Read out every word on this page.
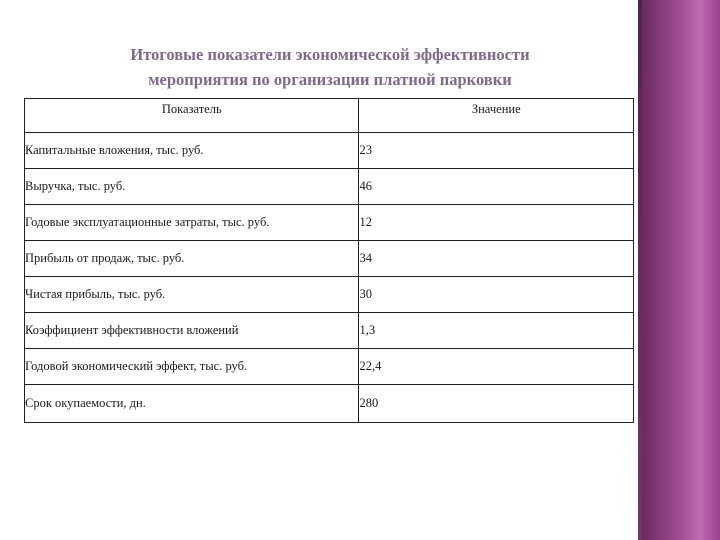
Итоговые показатели экономической эффективности
мероприятия по организации платной парковки
Показатель	Значение
Капитальные вложения, тыс. руб.	23
Выручка, тыс. руб.	46
Годовые эксплуатационные затраты, тыс. руб.	12
Прибыль от продаж, тыс. руб.	34
Чистая прибыль, тыс. руб.	30
Коэффициент эффективности вложений	1,3
Годовой экономический эффект, тыс. руб.	22,4
Срок окупаемости, дн.	280
